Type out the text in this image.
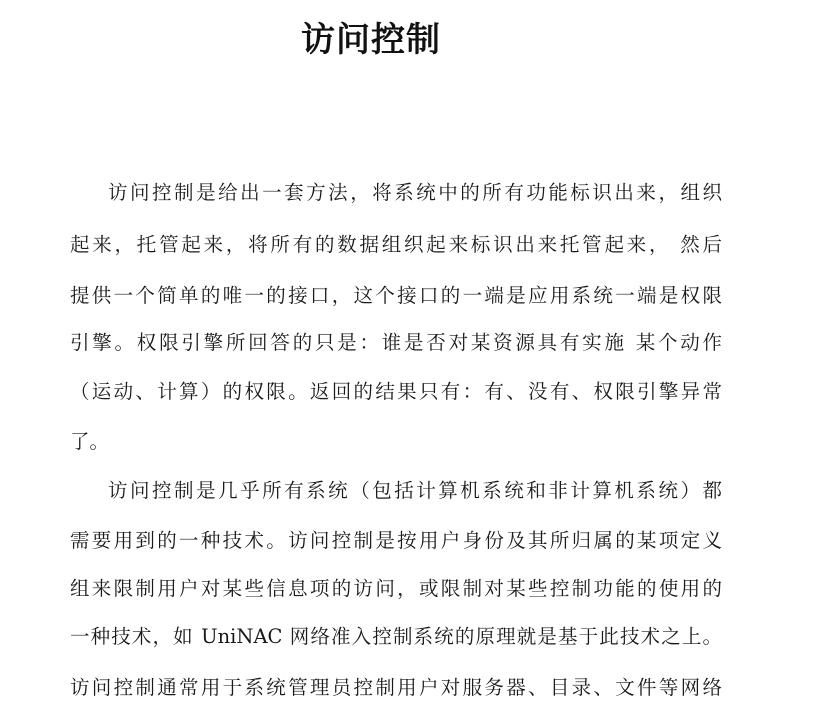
访问控制

访问控制是给出一套方法，将系统中的所有功能标识出来，组织

起来，托管起来，将所有的数据组织起来标识出来托管起来， 然后

提供一个简单的唯一的接口，这个接口的一端是应用系统一端是权限

引擎。权限引擎所回答的只是：谁是否对某资源具有实施 某个动作

（运动、计算）的权限。返回的结果只有：有、没有、权限引擎异常

了。

访问控制是几乎所有系统（包括计算机系统和非计算机系统）都

需要用到的一种技术。访问控制是按用户身份及其所归属的某项定义

组来限制用户对某些信息项的访问，或限制对某些控制功能的使用的

一种技术，如 UniNAC 网络准入控制系统的原理就是基于此技术之上。

访问控制通常用于系统管理员控制用户对服务器、目录、文件等网络
